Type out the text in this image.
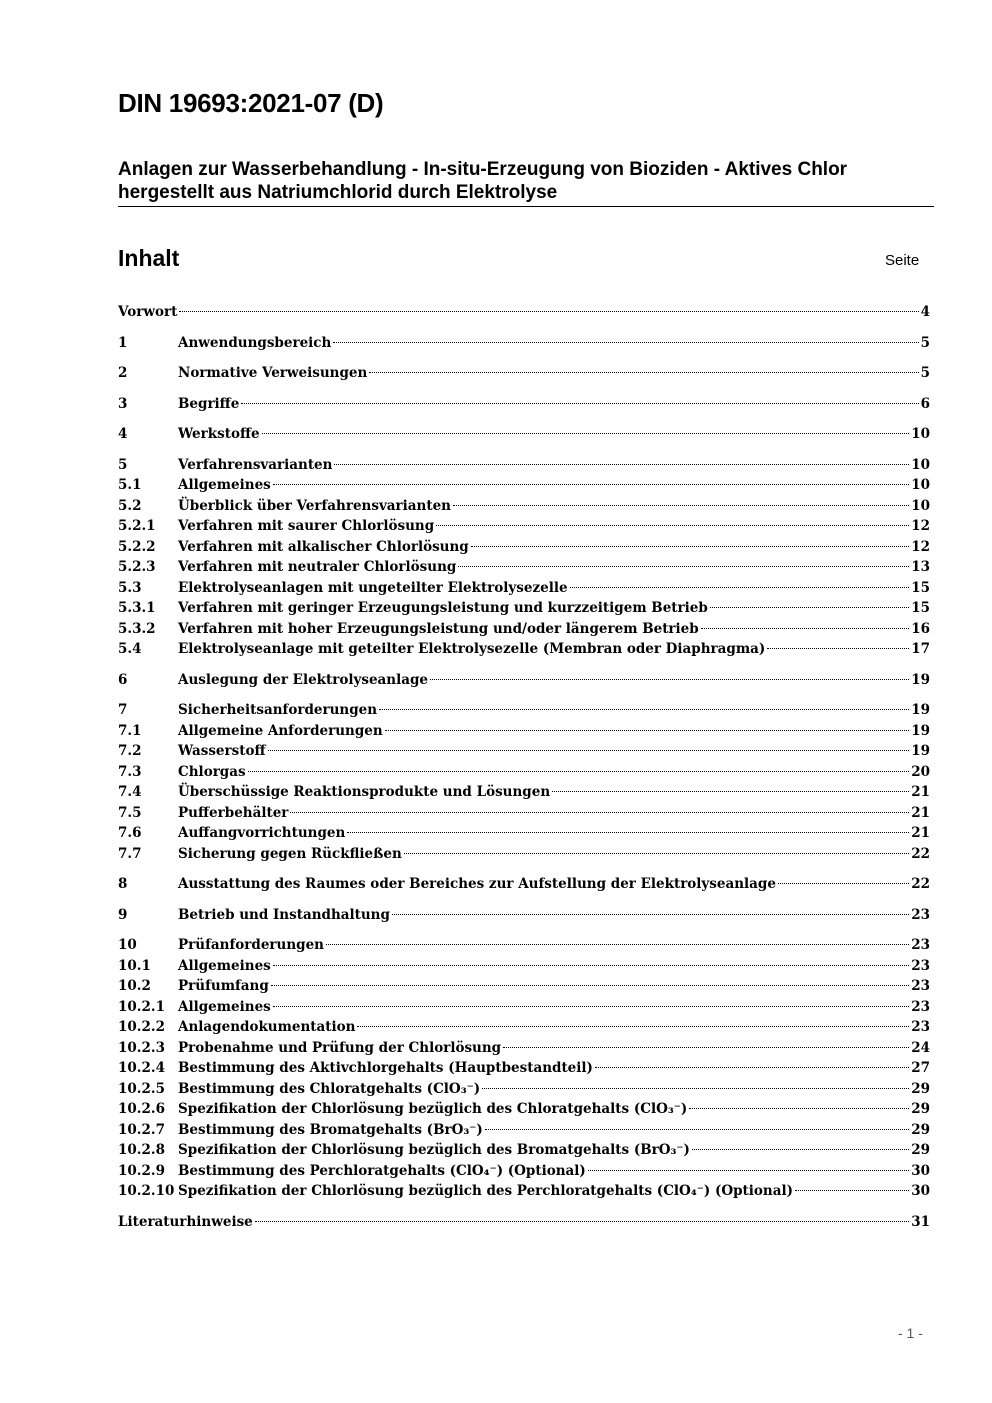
DIN 19693:2021-07 (D)
Anlagen zur Wasserbehandlung - In-situ-Erzeugung von Bioziden - Aktives Chlor
hergestellt aus Natriumchlorid durch Elektrolyse
Inhalt	Seite
Vorwort	4
1	Anwendungsbereich	5
2	Normative Verweisungen	5
3	Begriffe	6
4	Werkstoffe	10
5	Verfahrensvarianten	10
5.1	Allgemeines	10
5.2	Überblick über Verfahrensvarianten	10
5.2.1	Verfahren mit saurer Chlorlösung	12
5.2.2	Verfahren mit alkalischer Chlorlösung	12
5.2.3	Verfahren mit neutraler Chlorlösung	13
5.3	Elektrolyseanlagen mit ungeteilter Elektrolysezelle	15
5.3.1	Verfahren mit geringer Erzeugungsleistung und kurzzeitigem Betrieb	15
5.3.2	Verfahren mit hoher Erzeugungsleistung und/oder längerem Betrieb	16
5.4	Elektrolyseanlage mit geteilter Elektrolysezelle (Membran oder Diaphragma)	17
6	Auslegung der Elektrolyseanlage	19
7	Sicherheitsanforderungen	19
7.1	Allgemeine Anforderungen	19
7.2	Wasserstoff	19
7.3	Chlorgas	20
7.4	Überschüssige Reaktionsprodukte und Lösungen	21
7.5	Pufferbehälter	21
7.6	Auffangvorrichtungen	21
7.7	Sicherung gegen Rückfließen	22
8	Ausstattung des Raumes oder Bereiches zur Aufstellung der Elektrolyseanlage	22
9	Betrieb und Instandhaltung	23
10	Prüfanforderungen	23
10.1	Allgemeines	23
10.2	Prüfumfang	23
10.2.1 Allgemeines	23
10.2.2 Anlagendokumentation	23
10.2.3 Probenahme und Prüfung der Chlorlösung	24
10.2.4 Bestimmung des Aktivchlorgehalts (Hauptbestandteil)	27
10.2.5 Bestimmung des Chloratgehalts (ClO₃⁻)	29
10.2.6 Spezifikation der Chlorlösung bezüglich des Chloratgehalts (ClO₃⁻)	29
10.2.7 Bestimmung des Bromatgehalts (BrO₃⁻)	29
10.2.8 Spezifikation der Chlorlösung bezüglich des Bromatgehalts (BrO₃⁻)	29
10.2.9 Bestimmung des Perchloratgehalts (ClO₄⁻) (Optional)	30
10.2.10 Spezifikation der Chlorlösung bezüglich des Perchloratgehalts (ClO₄⁻) (Optional)	30
Literaturhinweise	31
- 1 -
